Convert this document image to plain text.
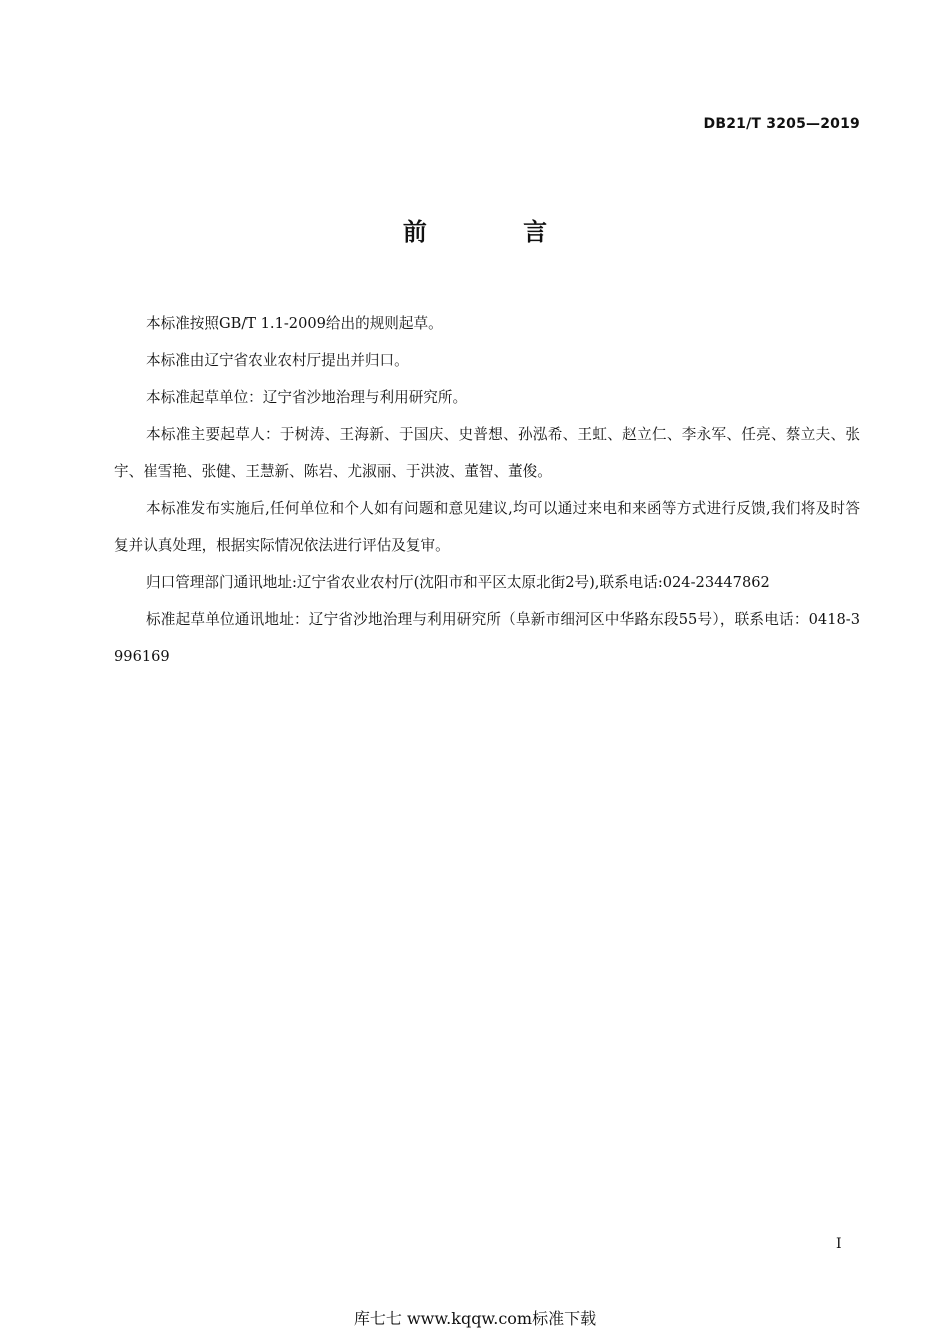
DB21/T 3205—2019
前 言

本标准按照GB/T 1.1-2009给出的规则起草。

本标准由辽宁省农业农村厅提出并归口。

本标准起草单位：辽宁省沙地治理与利用研究所。

本标准主要起草人：于树涛、王海新、于国庆、史普想、孙泓希、王虹、赵立仁、李永军、任亮、蔡立夫、张宇、崔雪艳、张健、王慧新、陈岩、尤淑丽、于洪波、董智、董俊。

本标准发布实施后,任何单位和个人如有问题和意见建议,均可以通过来电和来函等方式进行反馈,我们将及时答复并认真处理，根据实际情况依法进行评估及复审。

归口管理部门通讯地址:辽宁省农业农村厅(沈阳市和平区太原北街2号),联系电话:024-23447862

标准起草单位通讯地址：辽宁省沙地治理与利用研究所（阜新市细河区中华路东段55号），联系电话：0418-3996169

I
库七七 www.kqqw.com标准下载
